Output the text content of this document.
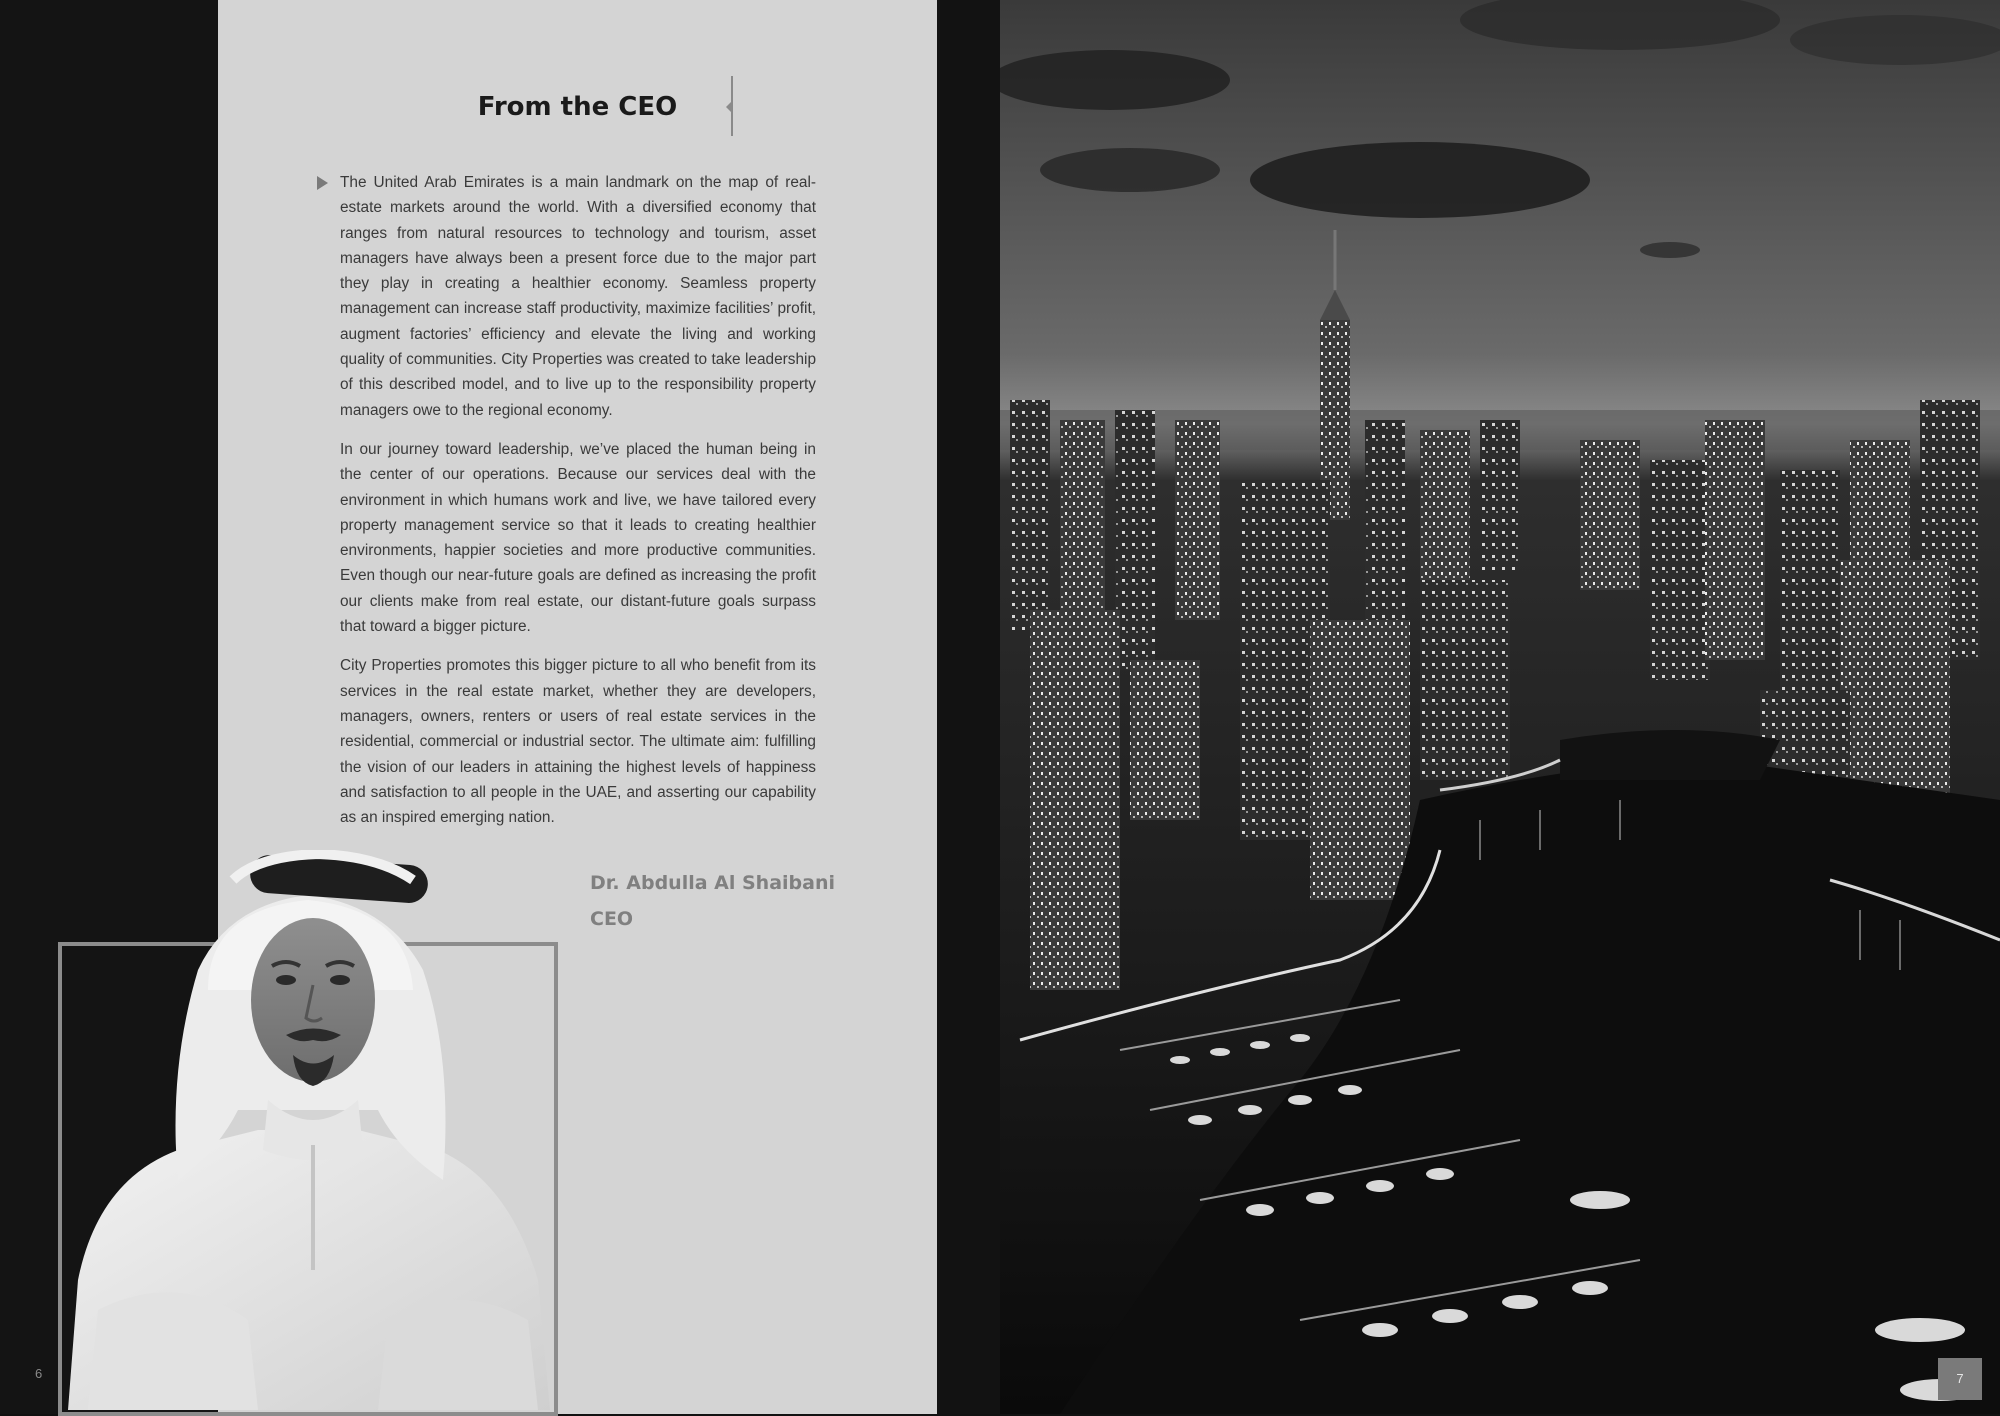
From the CEO

The United Arab Emirates is a main landmark on the map of real-estate markets around the world. With a diversified economy that ranges from natural resources to technology and tourism, asset managers have always been a present force due to the major part they play in creating a healthier economy. Seamless property management can increase staff productivity, maximize facilities’ profit, augment factories’ efficiency and elevate the living and working quality of communities. City Properties was created to take leadership of this described model, and to live up to the responsibility property managers owe to the regional economy.

In our journey toward leadership, we’ve placed the human being in the center of our operations. Because our services deal with the environment in which humans work and live, we have tailored every property management service so that it leads to creating healthier environments, happier societies and more productive communities. Even though our near-future goals are defined as increasing the profit our clients make from real estate, our distant-future goals surpass that toward a bigger picture.

City Properties promotes this bigger picture to all who benefit from its services in the real estate market, whether they are developers, managers, owners, renters or users of real estate services in the residential, commercial or industrial sector. The ultimate aim: fulfilling the vision of our leaders in attaining the highest levels of happiness and satisfaction to all people in the UAE, and asserting our capability as an inspired emerging nation.

Dr. Abdulla Al Shaibani
CEO
6	7
